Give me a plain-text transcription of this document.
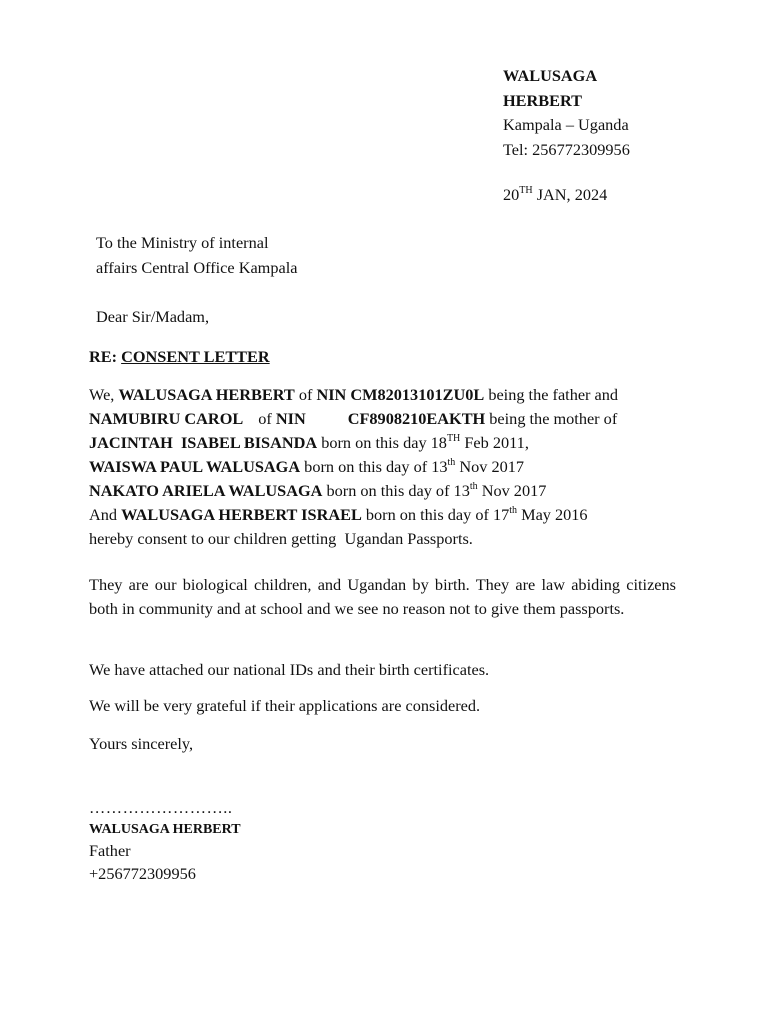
WALUSAGA
HERBERT
Kampala – Uganda
Tel: 256772309956
20TH JAN, 2024
To the Ministry of internal
affairs Central Office Kampala
Dear Sir/Madam,
RE: CONSENT LETTER
We, WALUSAGA HERBERT of NIN CM82013101ZU0L being the father and
NAMUBIRU CAROL of NIN	CF8908210EAKTH being the mother of
JACINTAH  ISABEL BISANDA born on this day 18TH Feb 2011,
WAISWA PAUL WALUSAGA born on this day of 13th Nov 2017
NAKATO ARIELA WALUSAGA born on this day of 13th Nov 2017
And WALUSAGA HERBERT ISRAEL born on this day of 17th May 2016
hereby consent to our children getting  Ugandan Passports.
They are our biological children, and Ugandan by birth. They are law abiding citizens both in community and at school and we see no reason not to give them passports.
We have attached our national IDs and their birth certificates.
We will be very grateful if their applications are considered.
Yours sincerely,
……………………..
WALUSAGA HERBERT
Father
+256772309956
